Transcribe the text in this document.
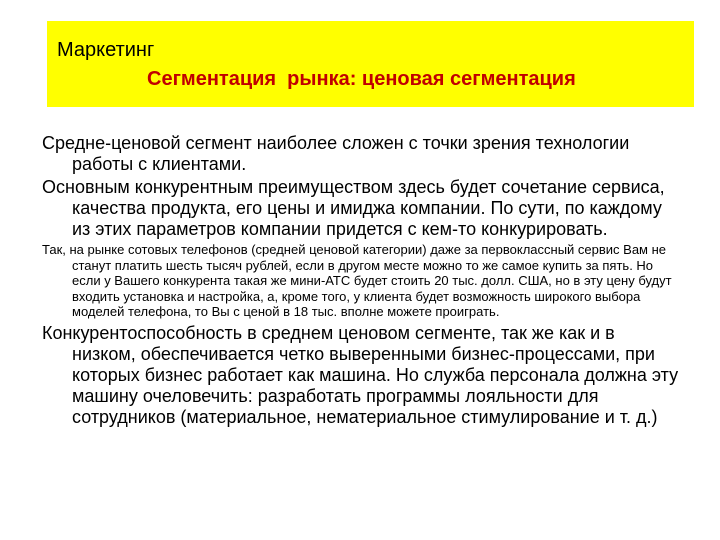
Маркетинг
Сегментация  рынка: ценовая сегментация

Средне-ценовой сегмент наиболее сложен с точки зрения технологии работы с клиентами.

Основным конкурентным преимуществом здесь будет сочетание сервиса, качества продукта, его цены и имиджа компании. По сути, по каждому из этих параметров компании придется с кем-то конкурировать.

Так, на рынке сотовых телефонов (средней ценовой категории) даже за первоклассный сервис Вам не станут платить шесть тысяч рублей, если в другом месте можно то же самое купить за пять. Но если у Вашего конкурента такая же мини-АТС будет стоить 20 тыс. долл. США, но в эту цену будут входить установка и настройка, а, кроме того, у клиента будет возможность широкого выбора моделей телефона, то Вы с ценой в 18 тыс. вполне можете проиграть.

Конкурентоспособность в среднем ценовом сегменте, так же как и в низком, обеспечивается четко выверенными бизнес-процессами, при которых бизнес работает как машина. Но служба персонала должна эту машину очеловечить: разработать программы лояльности для сотрудников (материальное, нематериальное стимулирование и т. д.)
